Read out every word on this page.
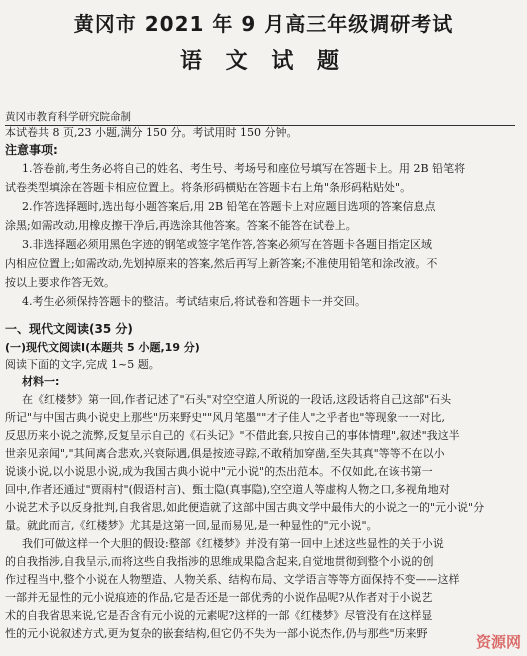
黄冈市 2021 年 9 月高三年级调研考试
语 文 试 题
黄冈市教育科学研究院命制
本试卷共 8 页,23 小题,满分 150 分。考试用时 150 分钟。
注意事项:
1.答卷前,考生务必将自己的姓名、考生号、考场号和座位号填写在答题卡上。用 2B 铅笔将
试卷类型填涂在答题卡相应位置上。将条形码横贴在答题卡右上角"条形码粘贴处"。
2.作答选择题时,选出每小题答案后,用 2B 铅笔在答题卡上对应题目选项的答案信息点
涂黑;如需改动,用橡皮擦干净后,再选涂其他答案。答案不能答在试卷上。
3.非选择题必须用黑色字迹的钢笔或签字笔作答,答案必须写在答题卡各题目指定区域
内相应位置上;如需改动,先划掉原来的答案,然后再写上新答案;不准使用铅笔和涂改液。不
按以上要求作答无效。
4.考生必须保持答题卡的整洁。考试结束后,将试卷和答题卡一并交回。
一、现代文阅读(35 分)
(一)现代文阅读Ⅰ(本题共 5 小题,19 分)
阅读下面的文字,完成 1~5 题。
材料一:
在《红楼梦》第一回,作者记述了"石头"对空空道人所说的一段话,这段话将自己这部"石头
所记"与中国古典小说史上那些"历来野史""风月笔墨""才子佳人"之乎者也"等现象一一对比,
反思历来小说之流弊,反复呈示自己的《石头记》"不借此套,只按自己的事体情理",叙述"我这半
世亲见亲闻","其间离合悲欢,兴衰际遇,俱是按迹寻踪,不敢稍加穿凿,至失其真"等等不在以小
说谈小说,以小说思小说,成为我国古典小说中"元小说"的杰出范本。不仅如此,在该书第一
回中,作者还通过"贾雨村"(假语村言)、甄士隐(真事隐),空空道人等虚构人物之口,多视角地对
小说艺术予以反身批判,自我省思,如此便造就了这部中国古典文学中最伟大的小说之一的"元小说"分
量。就此而言,《红楼梦》尤其是这第一回,显而易见,是一种显性的"元小说"。
我们可做这样一个大胆的假设:整部《红楼梦》并没有第一回中上述这些显性的关于小说
的自我指涉,自我呈示,而将这些自我指涉的思维成果隐含起来,自觉地贯彻到整个小说的创
作过程当中,整个小说在人物塑造、人物关系、结构布局、文学语言等等方面保持不变——这样
一部并无显性的元小说痕迹的作品,它是否还是一部优秀的小说作品呢?从作者对于小说艺
术的自我省思来说,它是否含有元小说的元素呢?这样的一部《红楼梦》尽管没有在这样显
性的元小说叙述方式,更为复杂的嵌套结构,但它仍不失为一部小说杰作,仍与那些"历来野	资源网
